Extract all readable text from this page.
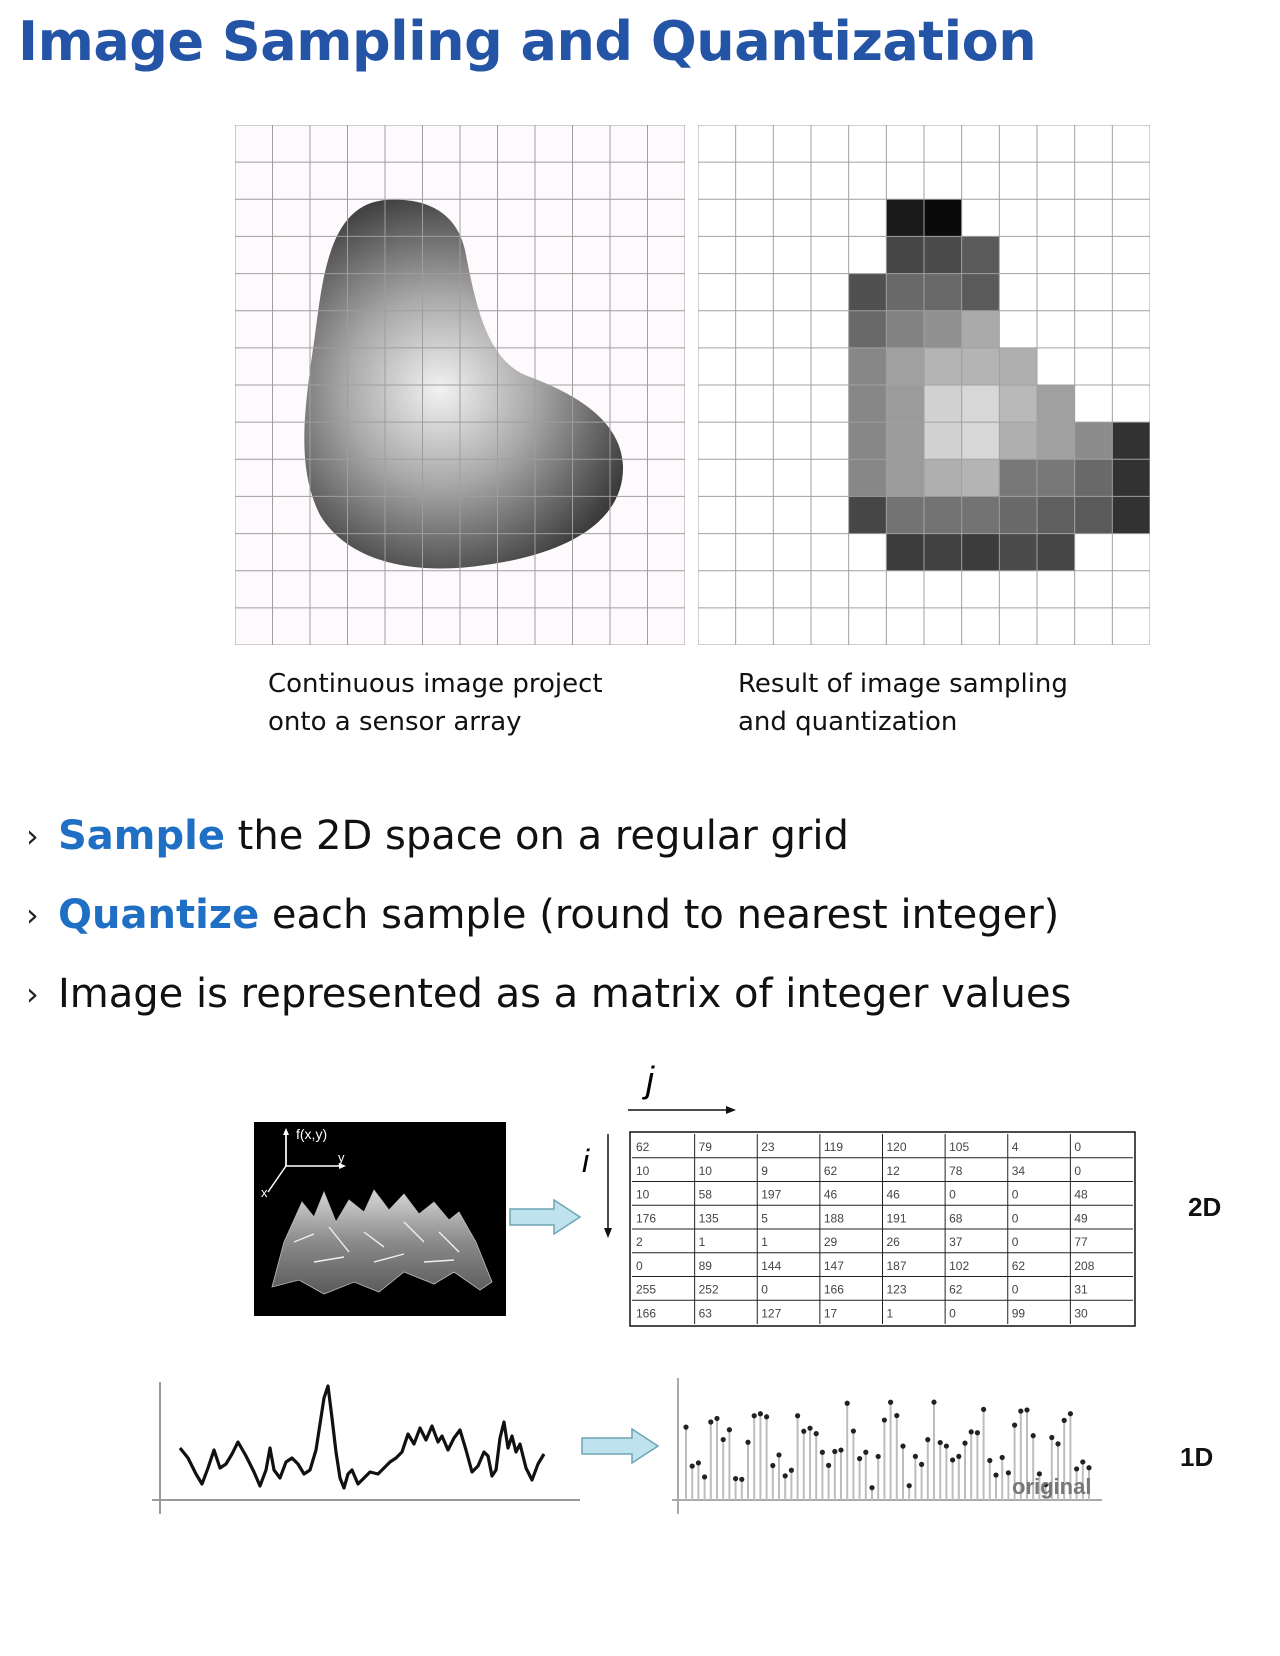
Image Sampling and Quantization
Continuous image project
onto a sensor array
Result of image sampling
and quantization
› Sample the 2D space on a regular grid
› Quantize each sample (round to nearest integer)
› Image is represented as a matrix of integer values
f(x,y)
y
x
j
i	62	79	23	119	120	105	4	0
10	10	9	62	12	78	34	0
10	58	197	46	46	0	0	48
176	135	5	188	191	68	0	49
2	1	1	29	26	37	0	77
0	89	144	147	187	102	62	208
255	252	0	166	123	62	0	31
166	63	127	17	1	0	99	30
2D
original
1D
